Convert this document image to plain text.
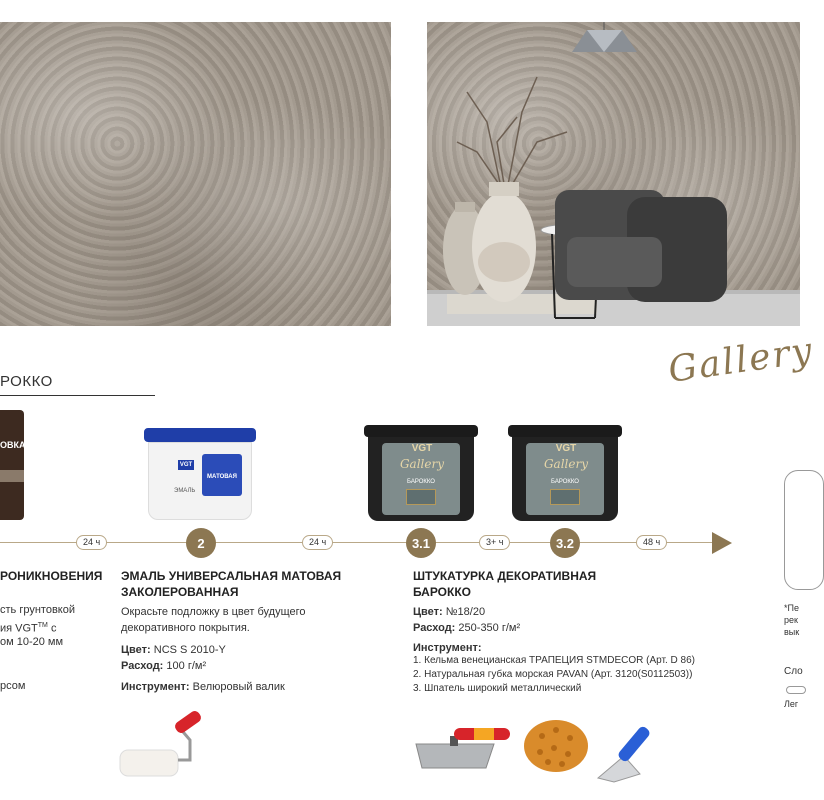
РОККО	Gallery
ОВКА
VGT
МАТОВАЯ
ЭМАЛЬ
VGT
Gallery
БАРОККО
VGT
Gallery
БАРОККО
24 ч	2	24 ч	3.1	3+ ч	3.2	48 ч
РОНИКНОВЕНИЯ
сть грунтовкой
ия VGT™ с
ом 10-20 мм
рсом
ЭМАЛЬ УНИВЕРСАЛЬНАЯ МАТОВАЯ
ЗАКОЛЕРОВАННАЯ
Окрасьте подложку в цвет будущего
декоративного покрытия.
Цвет: NCS S 2010-Y
Расход: 100 г/м²
Инструмент: Велюровый валик
ШТУКАТУРКА ДЕКОРАТИВНАЯ
БАРОККО
Цвет: №18/20
Расход: 250-350 г/м²
Инструмент:
1. Кельма венецианская ТРАПЕЦИЯ STMDECOR (Арт. D 86)
2. Натуральная губка морская PAVAN (Арт. 3120(S0112503))
3. Шпатель широкий металлический
*Пе
рек
вык
Сло
Лег
